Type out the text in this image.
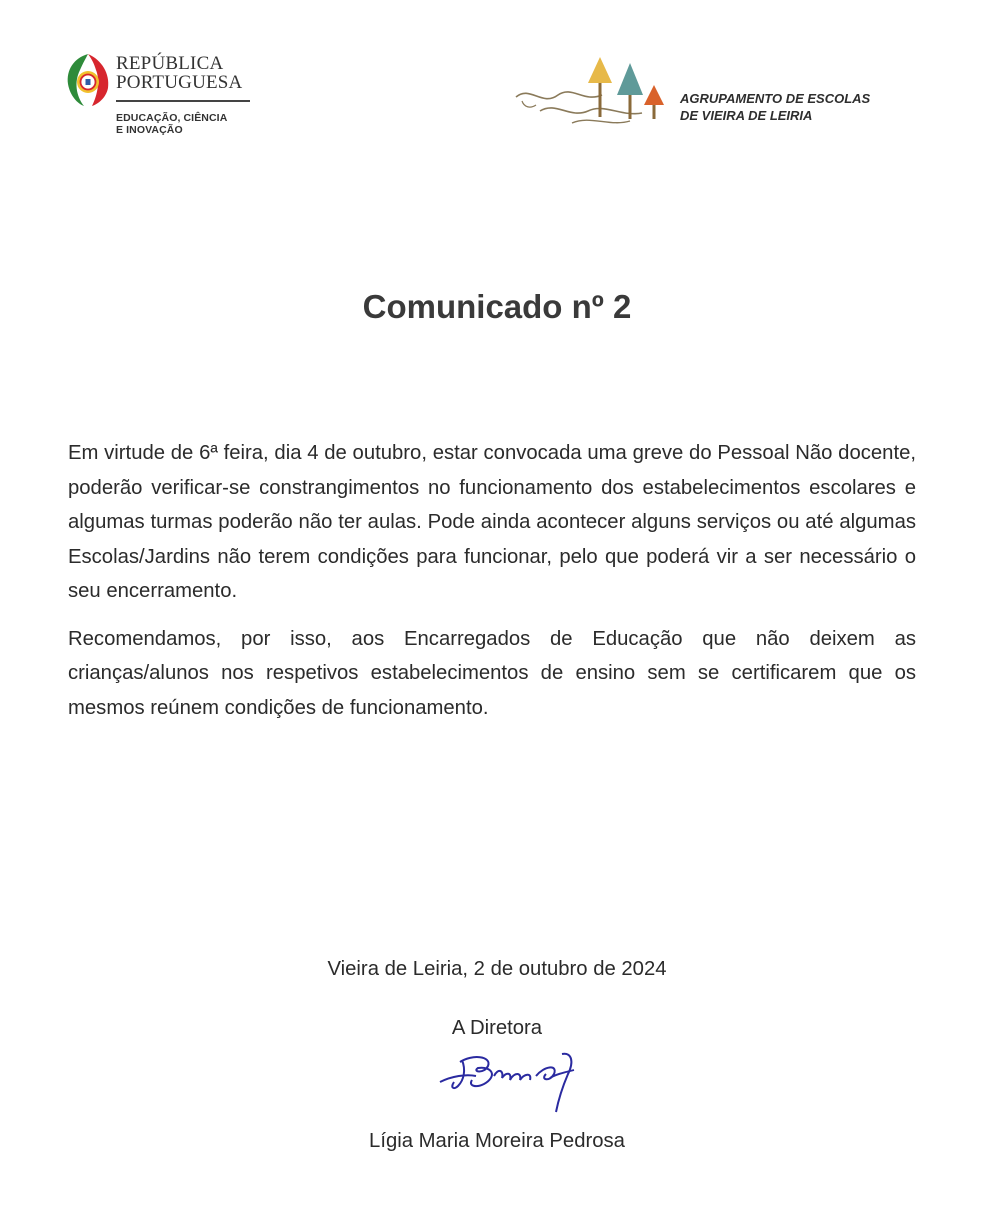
REPÚBLICA
PORTUGUESA
EDUCAÇÃO, CIÊNCIA
E INOVAÇÃO
AGRUPAMENTO DE ESCOLAS
DE VIEIRA DE LEIRIA
Comunicado nº 2

Em virtude de 6ª feira, dia 4 de outubro, estar convocada uma greve do Pessoal Não docente, poderão verificar-se constrangimentos no funcionamento dos estabelecimentos escolares e algumas turmas poderão não ter aulas. Pode ainda acontecer alguns serviços ou até algumas Escolas/Jardins não terem condições para funcionar, pelo que poderá vir a ser necessário o seu encerramento.

Recomendamos, por isso, aos Encarregados de Educação que não deixem as crianças/alunos nos respetivos estabelecimentos de ensino sem se certificarem que os mesmos reúnem condições de funcionamento.

Vieira de Leiria, 2 de outubro de 2024
A Diretora
Lígia Maria Moreira Pedrosa
